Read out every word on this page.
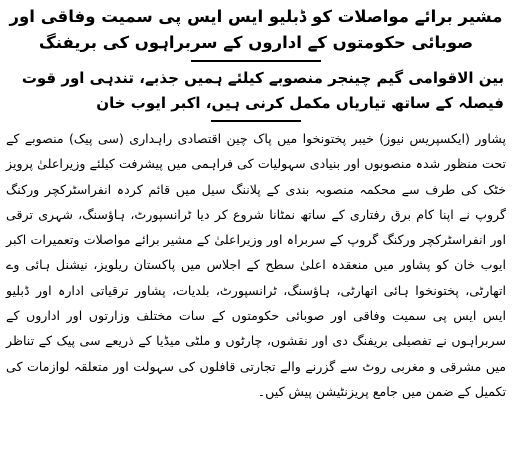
مشیر برائے مواصلات کو ڈبلیو ایس ایس پی سمیت وفاقی اور صوبائی حکومتوں کے اداروں کے سربراہوں کی بریفنگ
بین الاقوامی گیم چینجر منصوبے کیلئے ہمیں جذبے، تندہی اور قوت فیصلہ کے ساتھ تیاریاں مکمل کرنی ہیں، اکبر ایوب خان

پشاور (ایکسپریس نیوز) خیبر پختونخوا میں پاک چین اقتصادی راہداری (سی پیک) منصوبے کے تحت منظور شدہ منصوبوں اور بنیادی سہولیات کی فراہمی میں پیشرفت کیلئے وزیراعلیٰ پرویز خٹک کی طرف سے محکمہ منصوبہ بندی کے پلاننگ سیل میں قائم کردہ انفراسٹرکچر ورکنگ گروپ نے اپنا کام برق رفتاری کے ساتھ نمٹانا شروع کر دیا ٹرانسپورٹ، ہاؤسنگ، شہری ترقی اور انفراسٹرکچر ورکنگ گروپ کے سربراہ اور وزیراعلیٰ کے مشیر برائے مواصلات وتعمیرات اکبر ایوب خان کو پشاور میں منعقدہ اعلیٰ سطح کے اجلاس میں پاکستان ریلویز، نیشنل ہائی وے اتھارٹی، پختونخوا ہائی اتھارٹی، ہاؤسنگ، ٹرانسپورٹ، بلدیات، پشاور ترقیاتی ادارہ اور ڈبلیو ایس ایس پی سمیت وفاقی اور صوبائی حکومتوں کے سات مختلف وزارتوں اور اداروں کے سربراہوں نے تفصیلی بریفنگ دی اور نقشوں، چارٹوں و ملٹی میڈیا کے ذریعے سی پیک کے تناظر میں مشرقی و مغربی روٹ سے گزرنے والے تجارتی قافلوں کی سہولت اور متعلقہ لوازمات کی تکمیل کے ضمن میں جامع پریزنٹیشن پیش کیں۔
